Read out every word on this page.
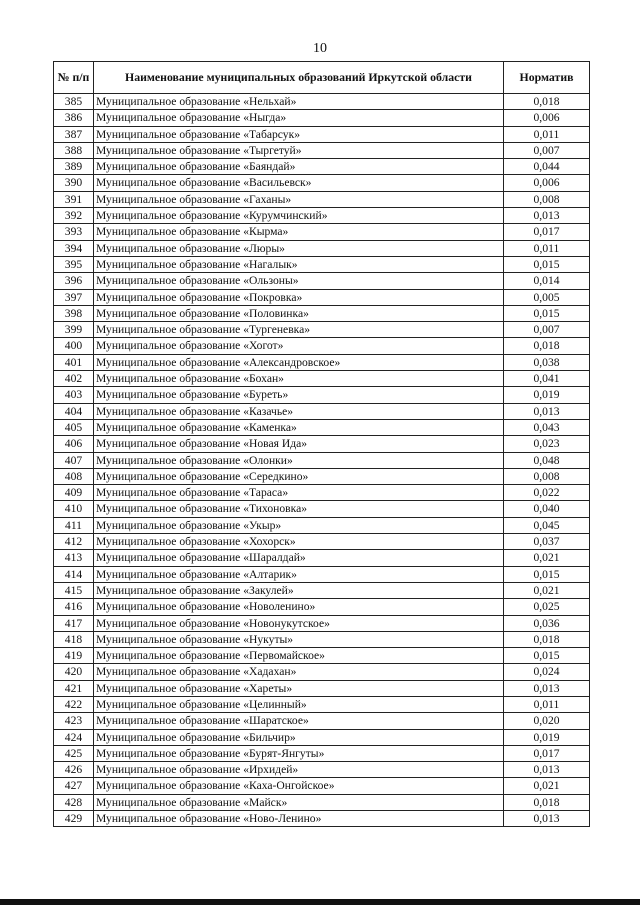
10
№ п/п	Наименование муниципальных образований Иркутской области	Норматив
385	Муниципальное образование «Нельхай»	0,018
386	Муниципальное образование «Ныгда»	0,006
387	Муниципальное образование «Табарсук»	0,011
388	Муниципальное образование «Тыргетуй»	0,007
389	Муниципальное образование «Баяндай»	0,044
390	Муниципальное образование «Васильевск»	0,006
391	Муниципальное образование «Гаханы»	0,008
392	Муниципальное образование «Курумчинский»	0,013
393	Муниципальное образование «Кырма»	0,017
394	Муниципальное образование «Люры»	0,011
395	Муниципальное образование «Нагалык»	0,015
396	Муниципальное образование «Ользоны»	0,014
397	Муниципальное образование «Покровка»	0,005
398	Муниципальное образование «Половинка»	0,015
399	Муниципальное образование «Тургеневка»	0,007
400	Муниципальное образование «Хогот»	0,018
401	Муниципальное образование «Александровское»	0,038
402	Муниципальное образование «Бохан»	0,041
403	Муниципальное образование «Буреть»	0,019
404	Муниципальное образование «Казачье»	0,013
405	Муниципальное образование «Каменка»	0,043
406	Муниципальное образование «Новая Ида»	0,023
407	Муниципальное образование «Олонки»	0,048
408	Муниципальное образование «Середкино»	0,008
409	Муниципальное образование «Тараса»	0,022
410	Муниципальное образование «Тихоновка»	0,040
411	Муниципальное образование «Укыр»	0,045
412	Муниципальное образование «Хохорск»	0,037
413	Муниципальное образование «Шаралдай»	0,021
414	Муниципальное образование «Алтарик»	0,015
415	Муниципальное образование «Закулей»	0,021
416	Муниципальное образование «Новоленино»	0,025
417	Муниципальное образование «Новонукутское»	0,036
418	Муниципальное образование «Нукуты»	0,018
419	Муниципальное образование «Первомайское»	0,015
420	Муниципальное образование «Хадахан»	0,024
421	Муниципальное образование «Хареты»	0,013
422	Муниципальное образование «Целинный»	0,011
423	Муниципальное образование «Шаратское»	0,020
424	Муниципальное образование «Бильчир»	0,019
425	Муниципальное образование «Бурят-Янгуты»	0,017
426	Муниципальное образование «Ирхидей»	0,013
427	Муниципальное образование «Каха-Онгойское»	0,021
428	Муниципальное образование «Майск»	0,018
429	Муниципальное образование «Ново-Ленино»	0,013
